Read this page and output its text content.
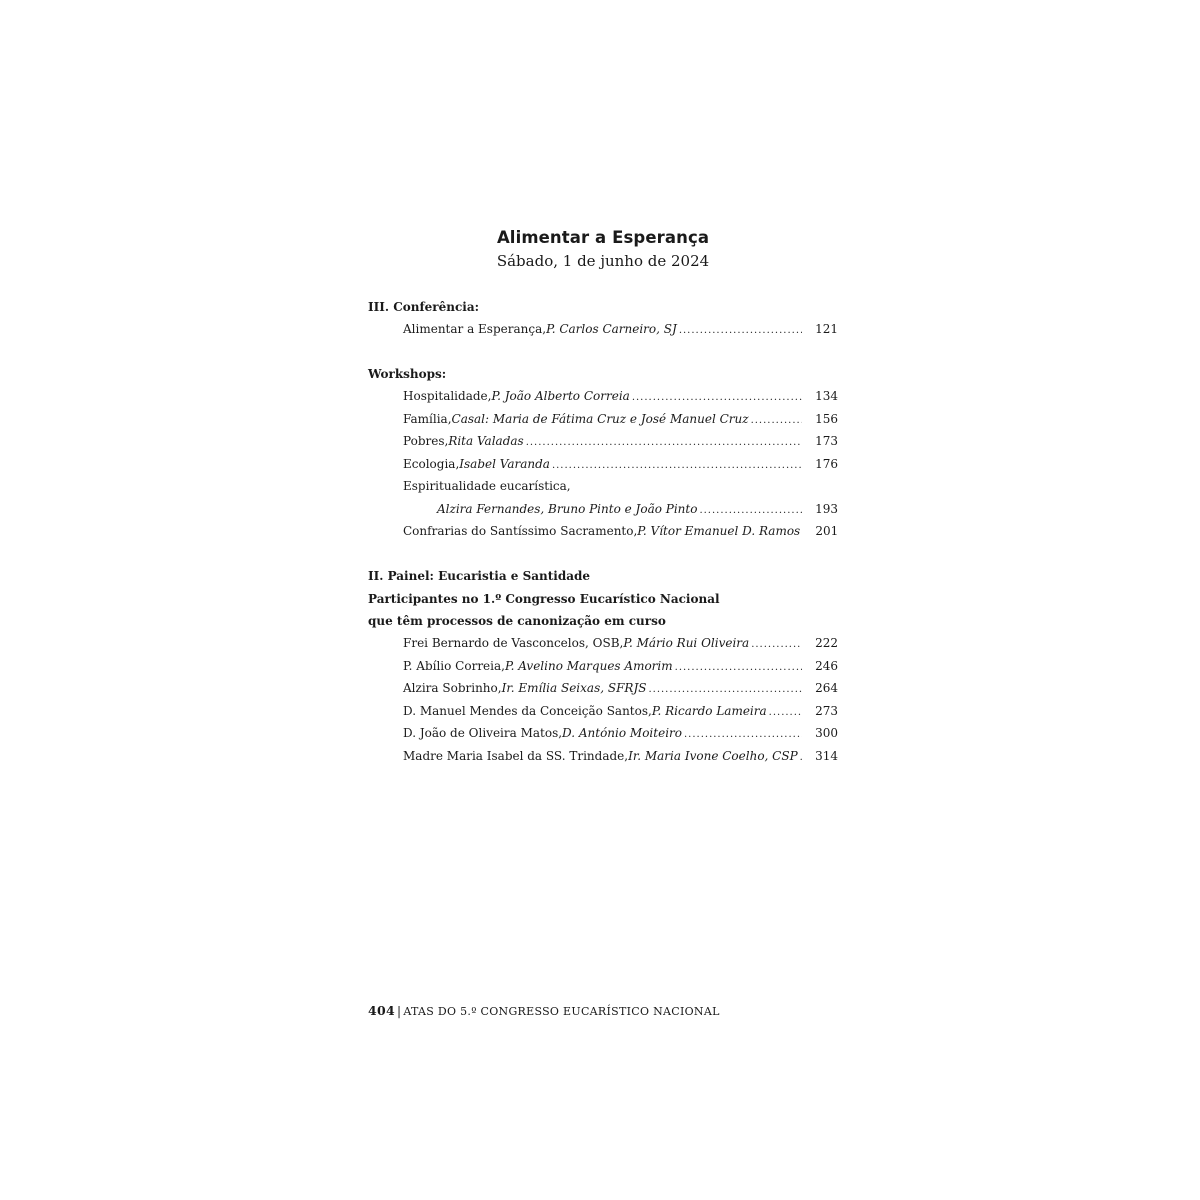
Alimentar a Esperança
Sábado, 1 de junho de 2024
III. Conferência:
Alimentar a Esperança, P. Carlos Carneiro, SJ .....	121
Workshops:
Hospitalidade, P. João Alberto Correia .....	134
Família, Casal: Maria de Fátima Cruz e José Manuel Cruz .....	156
Pobres, Rita Valadas .....	173
Ecologia, Isabel Varanda .....	176
Espiritualidade eucarística,
Alzira Fernandes, Bruno Pinto e João Pinto .....	193
Confrarias do Santíssimo Sacramento, P. Vítor Emanuel D. Ramos	201
II. Painel: Eucaristia e Santidade
Participantes no 1.º Congresso Eucarístico Nacional
que têm processos de canonização em curso
Frei Bernardo de Vasconcelos, OSB, P. Mário Rui Oliveira .....	222
P. Abílio Correia, P. Avelino Marques Amorim .....	246
Alzira Sobrinho, Ir. Emília Seixas, SFRJS .....	264
D. Manuel Mendes da Conceição Santos, P. Ricardo Lameira .....	273
D. João de Oliveira Matos, D. António Moiteiro .....	300
Madre Maria Isabel da SS. Trindade, Ir. Maria Ivone Coelho, CSP .....	314
404 | ATAS DO 5.º CONGRESSO EUCARÍSTICO NACIONAL
